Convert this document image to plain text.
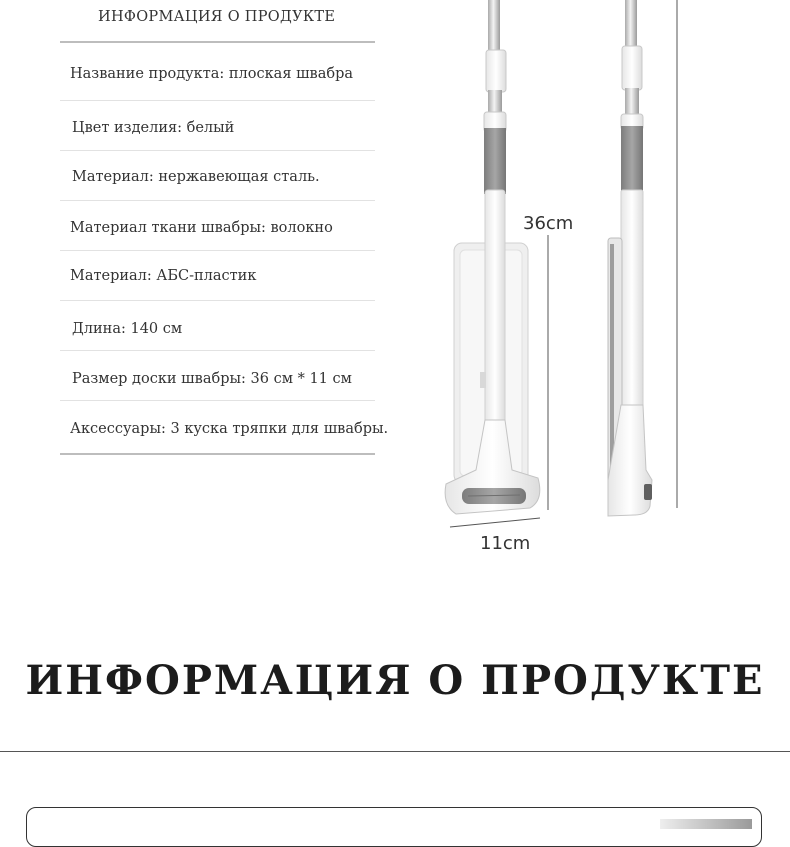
ИНФОРМАЦИЯ О ПРОДУКТЕ
Название продукта: плоская швабра
Цвет изделия: белый
Материал: нержавеющая сталь.
Материал ткани швабры: волокно
Материал: АБС-пластик
Длина: 140 см
Размер доски швабры: 36 см * 11 см
Аксессуары: 3 куска тряпки для швабры.
36cm
11cm
ИНФОРМАЦИЯ О ПРОДУКТЕ
